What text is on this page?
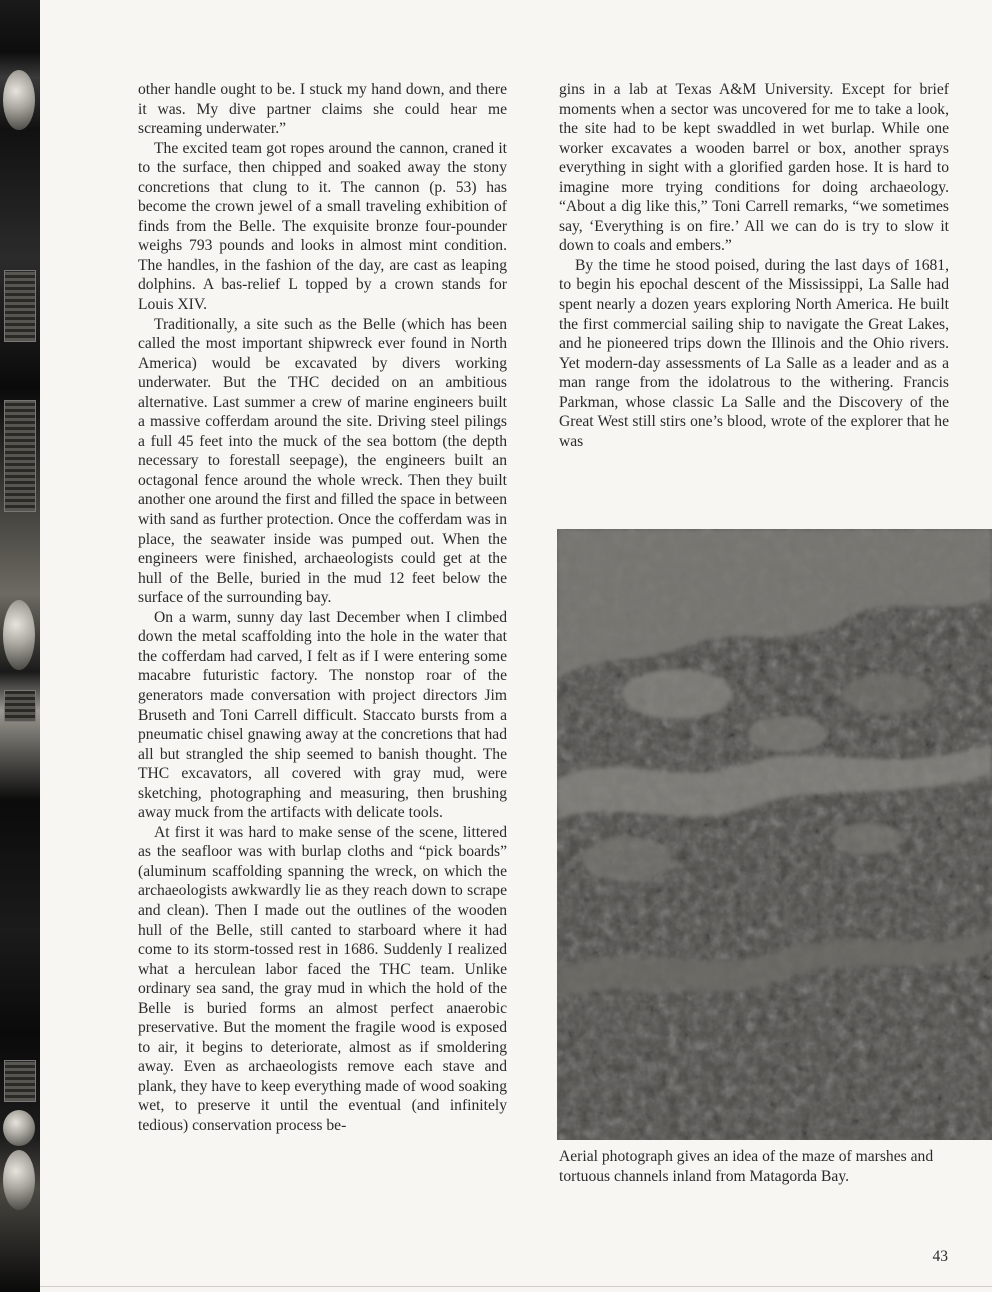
other handle ought to be. I stuck my hand down, and there it was. My dive partner claims she could hear me screaming underwater.”

The excited team got ropes around the cannon, craned it to the surface, then chipped and soaked away the stony concretions that clung to it. The cannon (p. 53) has become the crown jewel of a small traveling exhibition of finds from the Belle. The exquisite bronze four-pounder weighs 793 pounds and looks in almost mint condition. The handles, in the fashion of the day, are cast as leaping dolphins. A bas-relief L topped by a crown stands for Louis XIV.

Traditionally, a site such as the Belle (which has been called the most important shipwreck ever found in North America) would be excavated by divers working underwater. But the THC decided on an ambitious alternative. Last summer a crew of marine engineers built a massive cofferdam around the site. Driving steel pilings a full 45 feet into the muck of the sea bottom (the depth necessary to forestall seepage), the engineers built an octagonal fence around the whole wreck. Then they built another one around the first and filled the space in between with sand as further protection. Once the cofferdam was in place, the seawater inside was pumped out. When the engineers were finished, archaeologists could get at the hull of the Belle, buried in the mud 12 feet below the surface of the surrounding bay.

On a warm, sunny day last December when I climbed down the metal scaffolding into the hole in the water that the cofferdam had carved, I felt as if I were entering some macabre futuristic factory. The nonstop roar of the generators made conversation with project directors Jim Bruseth and Toni Carrell difficult. Staccato bursts from a pneumatic chisel gnawing away at the concretions that had all but strangled the ship seemed to banish thought. The THC excavators, all covered with gray mud, were sketching, photographing and measuring, then brushing away muck from the artifacts with delicate tools.

At first it was hard to make sense of the scene, littered as the seafloor was with burlap cloths and “pick boards” (aluminum scaffolding spanning the wreck, on which the archaeologists awkwardly lie as they reach down to scrape and clean). Then I made out the outlines of the wooden hull of the Belle, still canted to starboard where it had come to its storm-tossed rest in 1686. Suddenly I realized what a herculean labor faced the THC team. Unlike ordinary sea sand, the gray mud in which the hold of the Belle is buried forms an almost perfect anaerobic preservative. But the moment the fragile wood is exposed to air, it begins to deteriorate, almost as if smoldering away. Even as archaeologists remove each stave and plank, they have to keep everything made of wood soaking wet, to preserve it until the eventual (and infinitely tedious) conservation process be-

gins in a lab at Texas A&M University. Except for brief moments when a sector was uncovered for me to take a look, the site had to be kept swaddled in wet burlap. While one worker excavates a wooden barrel or box, another sprays everything in sight with a glorified garden hose. It is hard to imagine more trying conditions for doing archaeology. “About a dig like this,” Toni Carrell remarks, “we sometimes say, ‘Everything is on fire.’ All we can do is try to slow it down to coals and embers.”

By the time he stood poised, during the last days of 1681, to begin his epochal descent of the Mississippi, La Salle had spent nearly a dozen years exploring North America. He built the first commercial sailing ship to navigate the Great Lakes, and he pioneered trips down the Illinois and the Ohio rivers. Yet modern-day assessments of La Salle as a leader and as a man range from the idolatrous to the withering. Francis Parkman, whose classic La Salle and the Discovery of the Great West still stirs one’s blood, wrote of the explorer that he was

Aerial photograph gives an idea of the maze of marshes and tortuous channels inland from Matagorda Bay.
43
